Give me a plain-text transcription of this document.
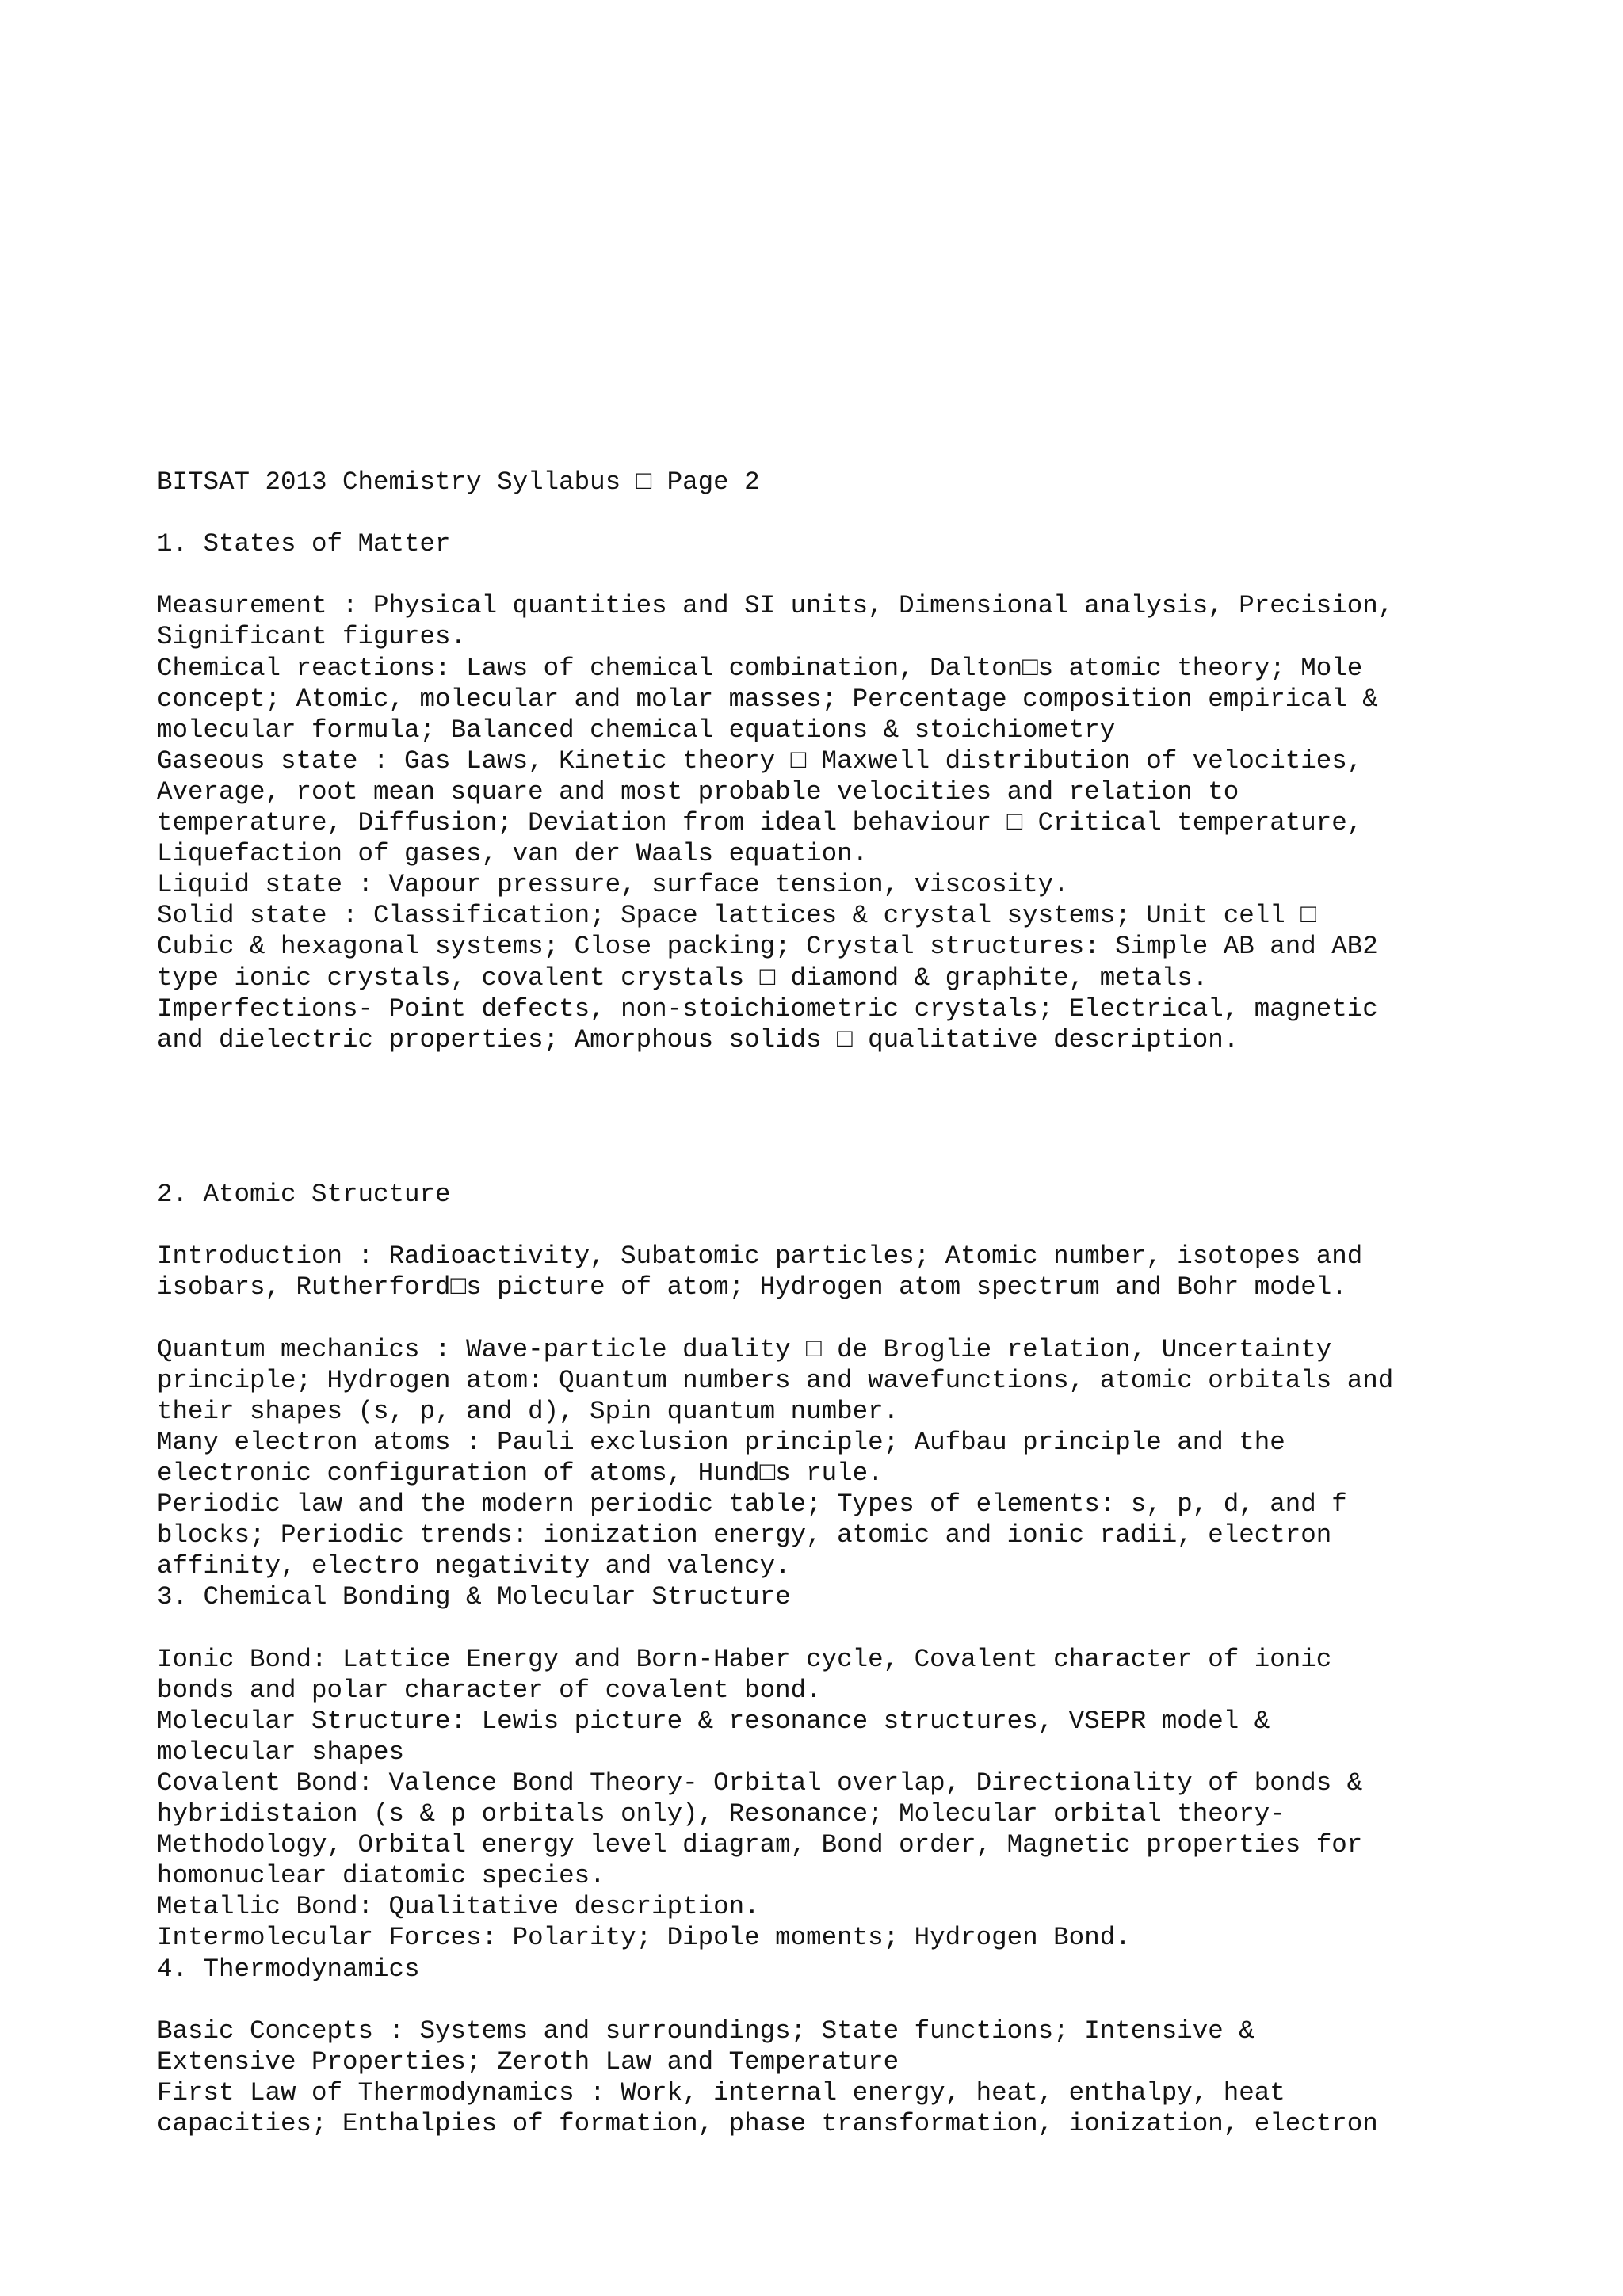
BITSAT 2013 Chemistry Syllabus □ Page 2
1. States of Matter
Measurement : Physical quantities and SI units, Dimensional analysis, Precision,
Significant figures.
Chemical reactions: Laws of chemical combination, Dalton□s atomic theory; Mole
concept; Atomic, molecular and molar masses; Percentage composition empirical &
molecular formula; Balanced chemical equations & stoichiometry
Gaseous state : Gas Laws, Kinetic theory □ Maxwell distribution of velocities,
Average, root mean square and most probable velocities and relation to
temperature, Diffusion; Deviation from ideal behaviour □ Critical temperature,
Liquefaction of gases, van der Waals equation.
Liquid state : Vapour pressure, surface tension, viscosity.
Solid state : Classification; Space lattices & crystal systems; Unit cell □
Cubic & hexagonal systems; Close packing; Crystal structures: Simple AB and AB2
type ionic crystals, covalent crystals □ diamond & graphite, metals.
Imperfections- Point defects, non-stoichiometric crystals; Electrical, magnetic
and dielectric properties; Amorphous solids □ qualitative description.
2. Atomic Structure
Introduction : Radioactivity, Subatomic particles; Atomic number, isotopes and
isobars, Rutherford□s picture of atom; Hydrogen atom spectrum and Bohr model.
Quantum mechanics : Wave-particle duality □ de Broglie relation, Uncertainty
principle; Hydrogen atom: Quantum numbers and wavefunctions, atomic orbitals and
their shapes (s, p, and d), Spin quantum number.
Many electron atoms : Pauli exclusion principle; Aufbau principle and the
electronic configuration of atoms, Hund□s rule.
Periodic law and the modern periodic table; Types of elements: s, p, d, and f
blocks; Periodic trends: ionization energy, atomic and ionic radii, electron
affinity, electro negativity and valency.
3. Chemical Bonding & Molecular Structure
Ionic Bond: Lattice Energy and Born-Haber cycle, Covalent character of ionic
bonds and polar character of covalent bond.
Molecular Structure: Lewis picture & resonance structures, VSEPR model &
molecular shapes
Covalent Bond: Valence Bond Theory- Orbital overlap, Directionality of bonds &
hybridistaion (s & p orbitals only), Resonance; Molecular orbital theory-
Methodology, Orbital energy level diagram, Bond order, Magnetic properties for
homonuclear diatomic species.
Metallic Bond: Qualitative description.
Intermolecular Forces: Polarity; Dipole moments; Hydrogen Bond.
4. Thermodynamics
Basic Concepts : Systems and surroundings; State functions; Intensive &
Extensive Properties; Zeroth Law and Temperature
First Law of Thermodynamics : Work, internal energy, heat, enthalpy, heat
capacities; Enthalpies of formation, phase transformation, ionization, electron
